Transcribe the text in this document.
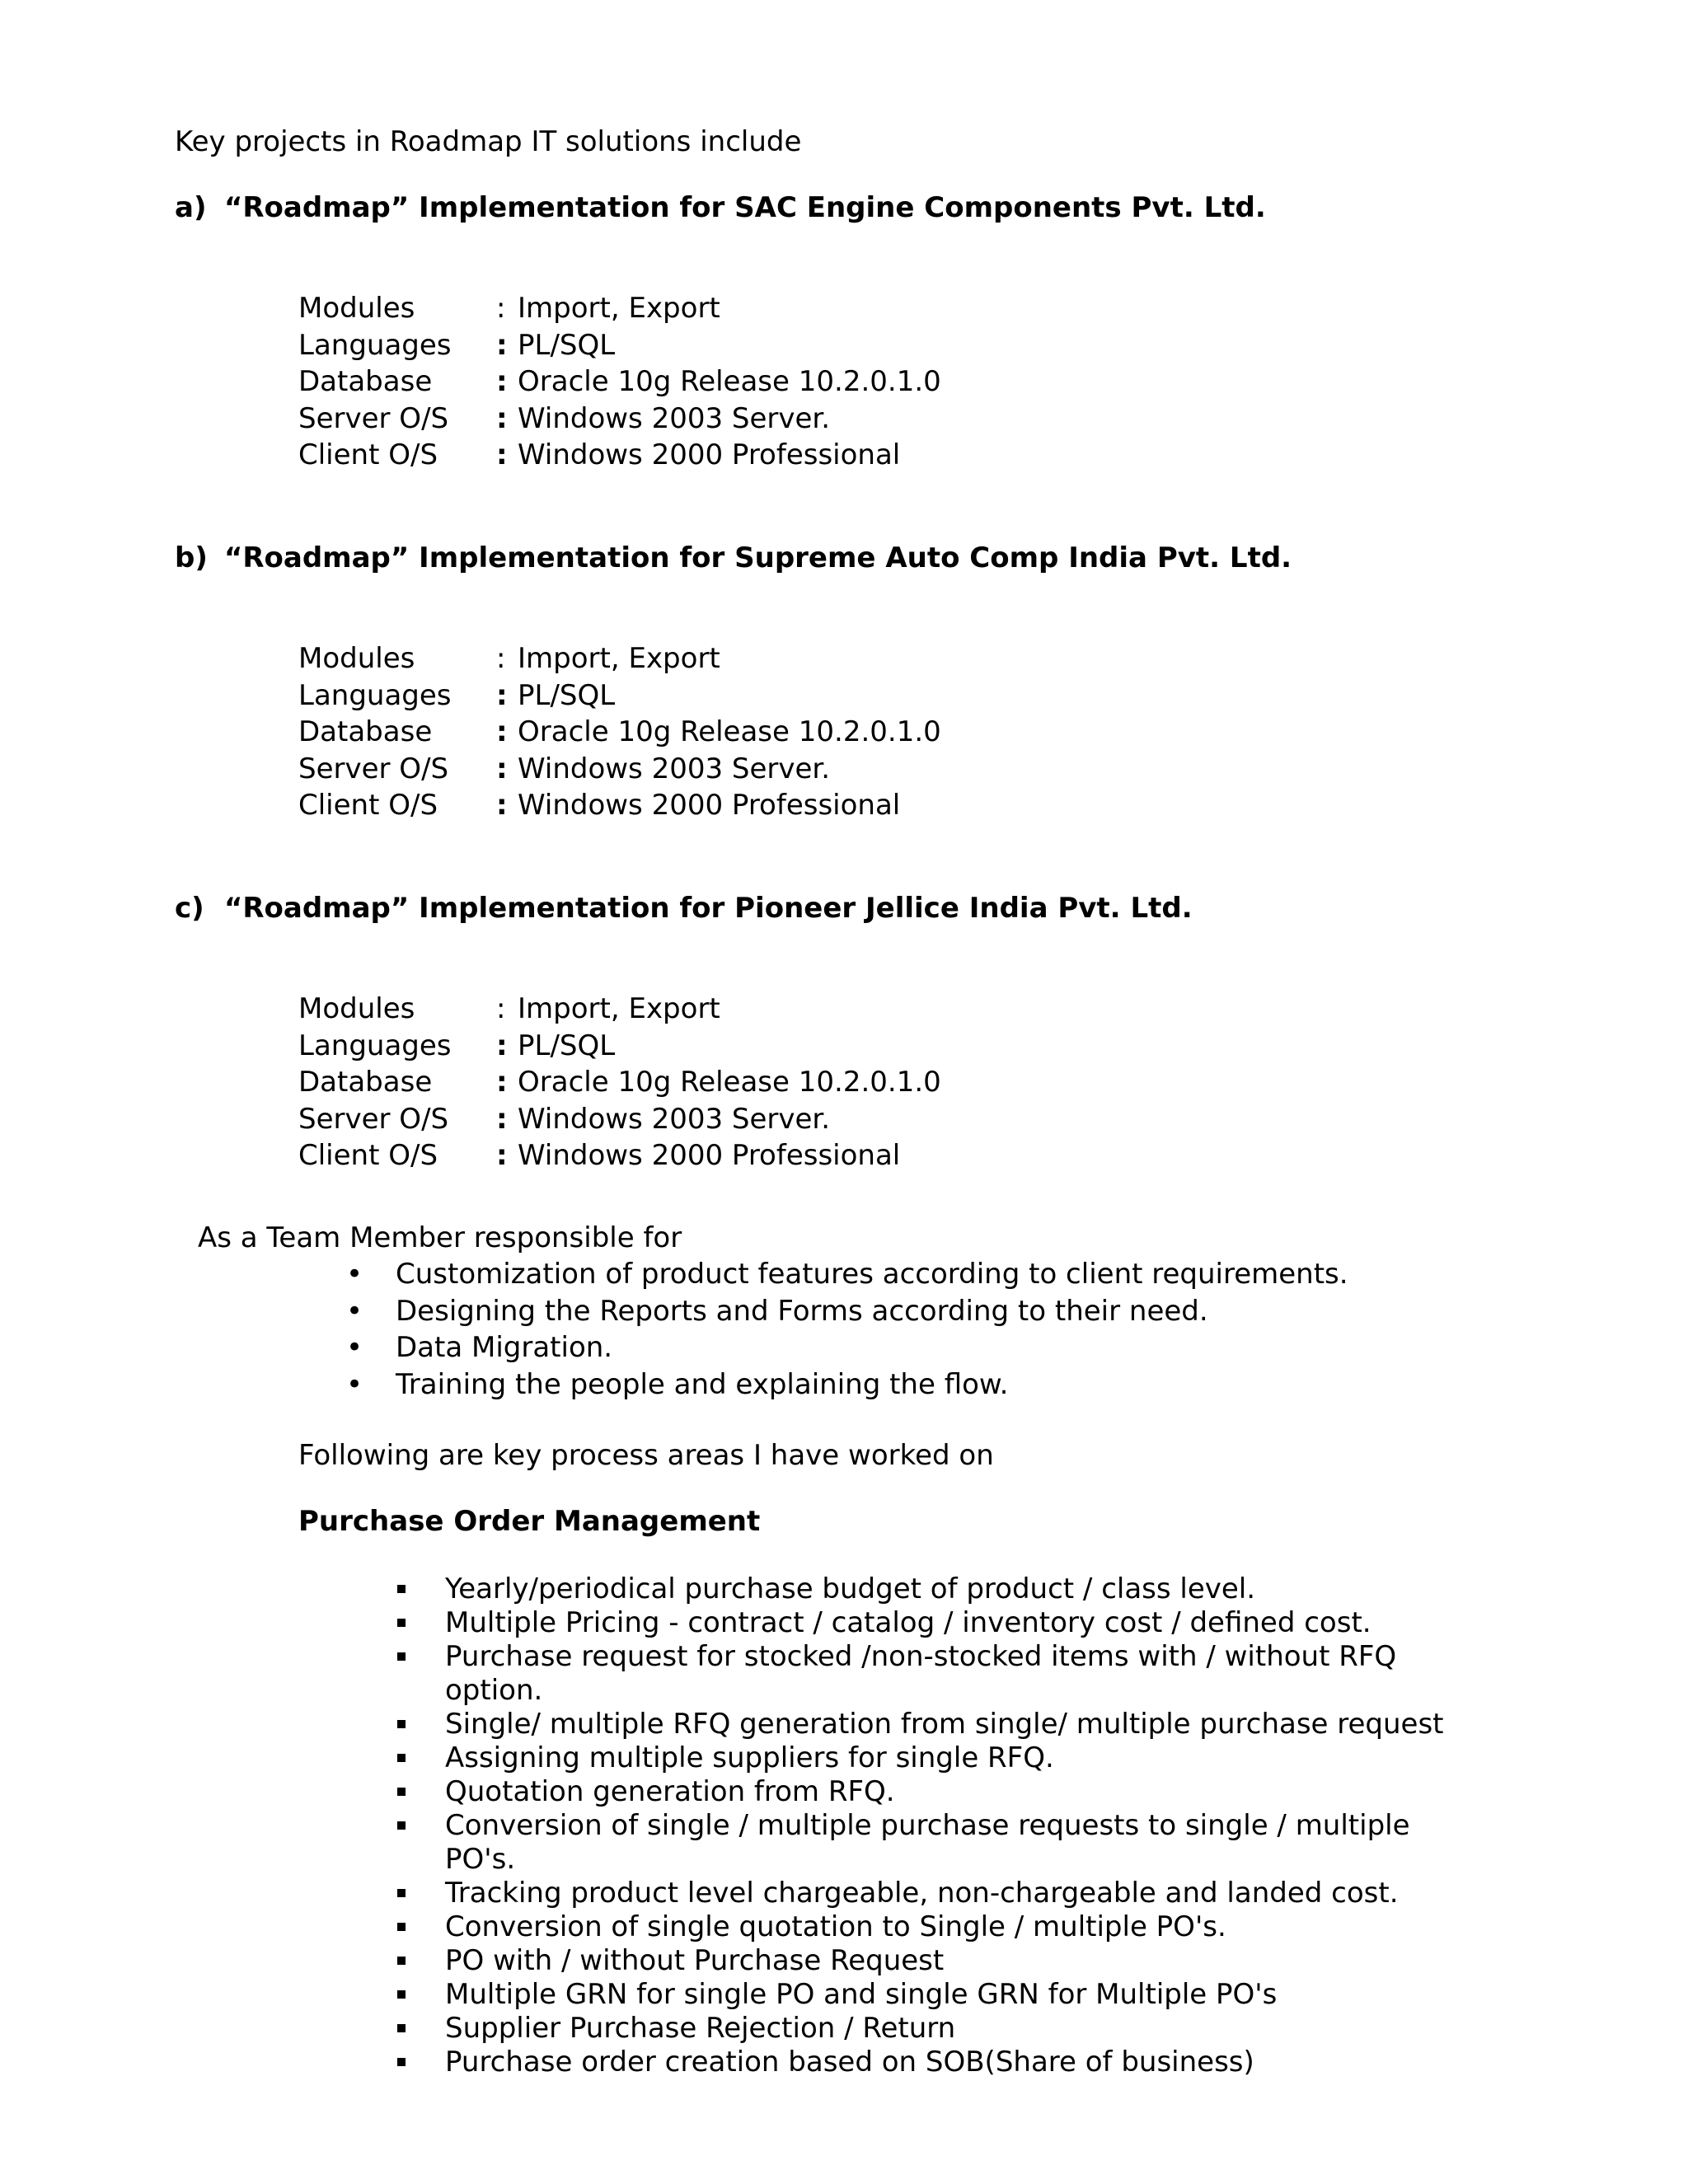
Key projects in Roadmap IT solutions include
a) “Roadmap” Implementation for SAC Engine Components Pvt. Ltd.
Modules	: Import, Export
Languages : PL/SQL
Database : Oracle 10g Release 10.2.0.1.0
Server O/S : Windows 2003 Server.
Client O/S : Windows 2000 Professional
b) “Roadmap” Implementation for Supreme Auto Comp India Pvt. Ltd.
Modules	: Import, Export
Languages : PL/SQL
Database : Oracle 10g Release 10.2.0.1.0
Server O/S : Windows 2003 Server.
Client O/S : Windows 2000 Professional
c) “Roadmap” Implementation for Pioneer Jellice India Pvt. Ltd.
Modules	: Import, Export
Languages : PL/SQL
Database : Oracle 10g Release 10.2.0.1.0
Server O/S : Windows 2003 Server.
Client O/S : Windows 2000 Professional
As a Team Member responsible for
• Customization of product features according to client requirements.
• Designing the Reports and Forms according to their need.
• Data Migration.
• Training the people and explaining the flow.
Following are key process areas I have worked on
Purchase Order Management
Yearly/periodical purchase budget of product / class level.
Multiple Pricing - contract / catalog / inventory cost / defined cost.
Purchase request for stocked /non-stocked items with / without RFQ option.
Single/ multiple RFQ generation from single/ multiple purchase request
Assigning multiple suppliers for single RFQ.
Quotation generation from RFQ.
Conversion of single / multiple purchase requests to single / multiple PO's.
Tracking product level chargeable, non-chargeable and landed cost.
Conversion of single quotation to Single / multiple PO's.
PO with / without Purchase Request
Multiple GRN for single PO and single GRN for Multiple PO's
Supplier Purchase Rejection / Return
Purchase order creation based on SOB(Share of business)
